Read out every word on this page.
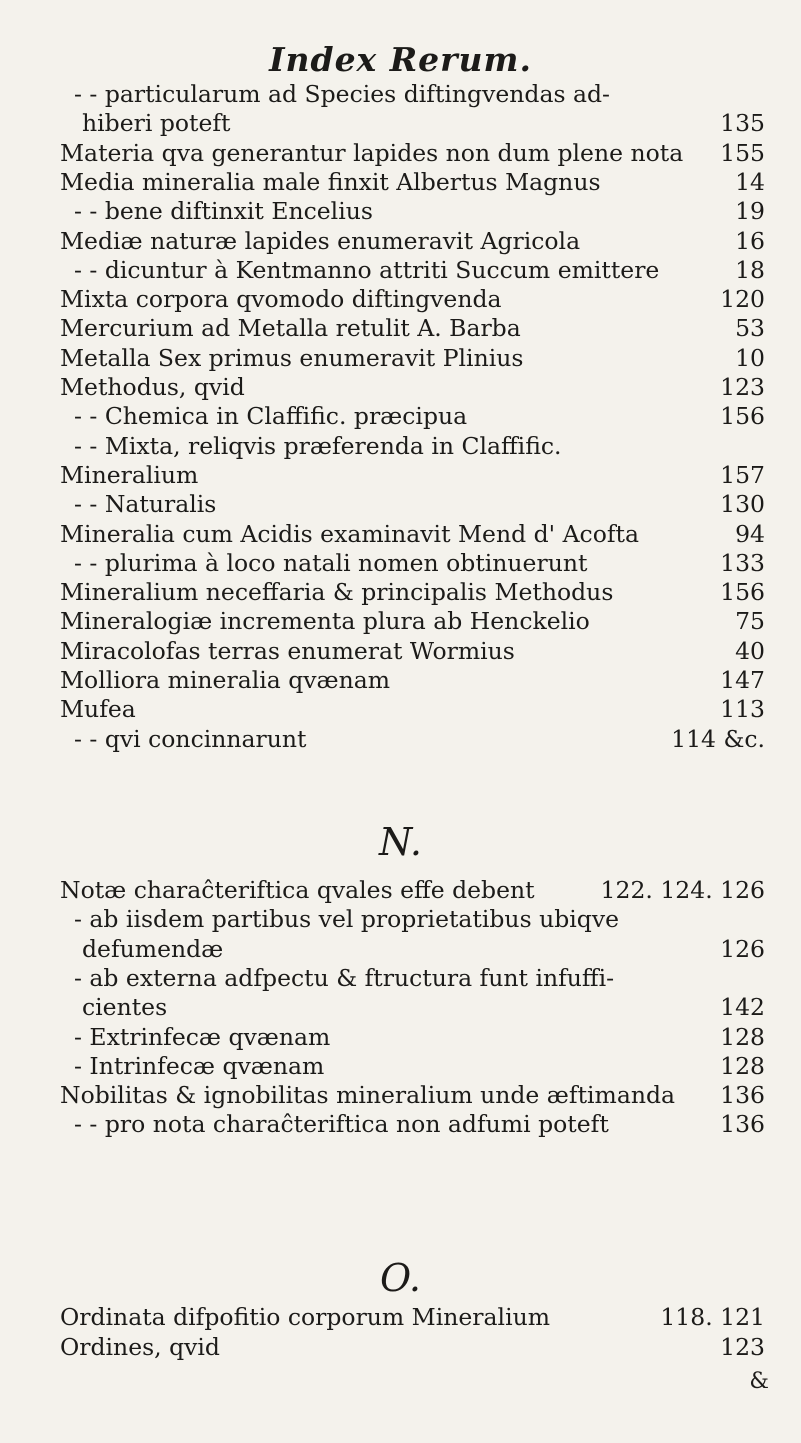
Index Rerum.
- - particularum ad Species diftingvendas ad-
hiberi poteft	135
Materia qva generantur lapides non dum plene nota 155
Media mineralia male finxit Albertus Magnus	14
- - bene diftinxit Encelius	19
Mediæ naturæ lapides enumeravit Agricola	16
- - dicuntur à Kentmanno attriti Succum emittere	18
Mixta corpora qvomodo diftingvenda	120
Mercurium ad Metalla retulit A. Barba	53
Metalla Sex primus enumeravit Plinius	10
Methodus, qvid	123
- - Chemica in Claffific. præcipua	156
- - Mixta, reliqvis præferenda in Claffific.
Mineralium	157
- - Naturalis	130
Mineralia cum Acidis examinavit Mend d' Acofta	94
- - plurima à loco natali nomen obtinuerunt	133
Mineralium neceffaria & principalis Methodus	156
Mineralogiæ incrementa plura ab Henckelio	75
Miracolofas terras enumerat Wormius	40
Molliora mineralia qvænam	147
Mufea	113
- - qvi concinnarunt	114 &c.
N.
Notæ charaĉteriftica qvales effe debent	122. 124. 126
- ab iisdem partibus vel proprietatibus ubiqve
defumendæ	126
- ab externa adfpectu & ftructura funt infuffi-
cientes	142
- Extrinfecæ qvænam	128
- Intrinfecæ qvænam	128
Nobilitas & ignobilitas mineralium unde æftimanda 136
- - pro nota charaĉteriftica non adfumi poteft	136
O.
Ordinata difpofitio corporum Mineralium	118. 121
Ordines, qvid	123
&
